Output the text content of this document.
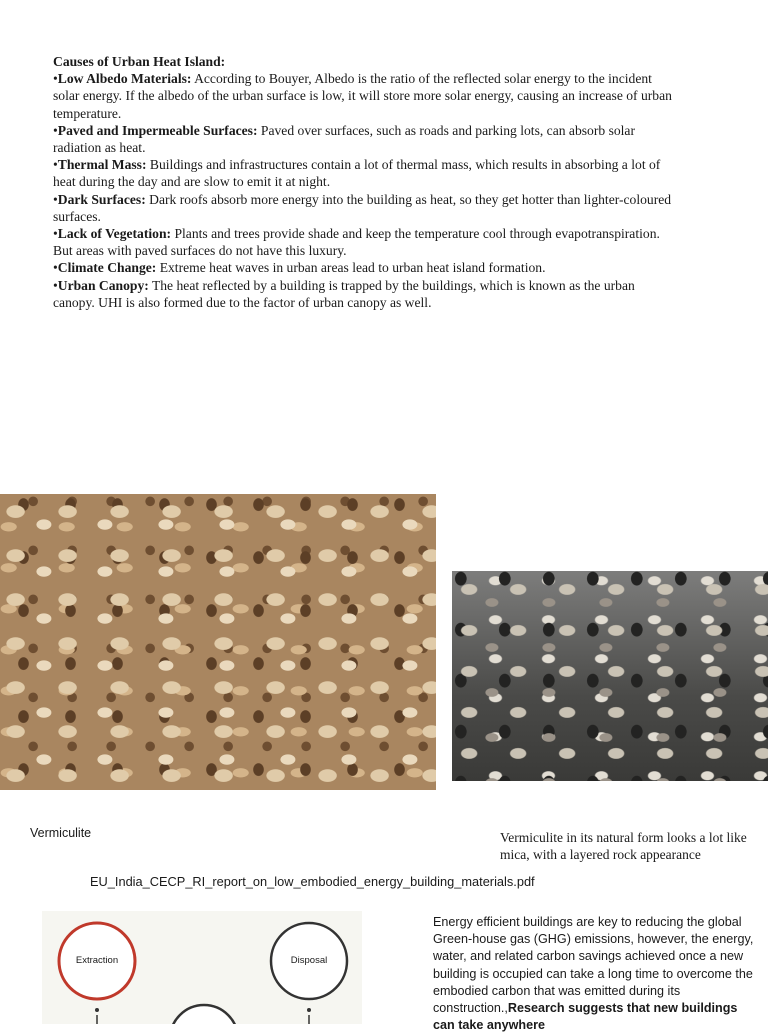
Causes of Urban Heat Island:

•Low Albedo Materials: According to Bouyer, Albedo is the ratio of the reflected solar energy to the incident solar energy. If the albedo of the urban surface is low, it will store more solar energy, causing an increase of urban temperature.

•Paved and Impermeable Surfaces: Paved over surfaces, such as roads and parking lots, can absorb solar radiation as heat.

•Thermal Mass: Buildings and infrastructures contain a lot of thermal mass, which results in absorbing a lot of heat during the day and are slow to emit it at night.

•Dark Surfaces: Dark roofs absorb more energy into the building as heat, so they get hotter than lighter-coloured surfaces.

•Lack of Vegetation: Plants and trees provide shade and keep the temperature cool through evapotranspiration. But areas with paved surfaces do not have this luxury.

•Climate Change: Extreme heat waves in urban areas lead to urban heat island formation.

•Urban Canopy: The heat reflected by a building is trapped by the buildings, which is known as the urban canopy. UHI is also formed due to the factor of urban canopy as well.

Vermiculite	Vermiculite in its natural form looks a lot like mica, with a layered rock appearance
EU_India_CECP_RI_report_on_low_embodied_energy_building_materials.pdf
Extraction	Disposal
Energy efficient buildings are key to reducing the global Green-house gas (GHG) emissions, however, the energy, water, and related carbon savings achieved once a new building is occupied can take a long time to overcome the embodied carbon that was emitted during its construction.,Research suggests that new buildings can take anywhere
